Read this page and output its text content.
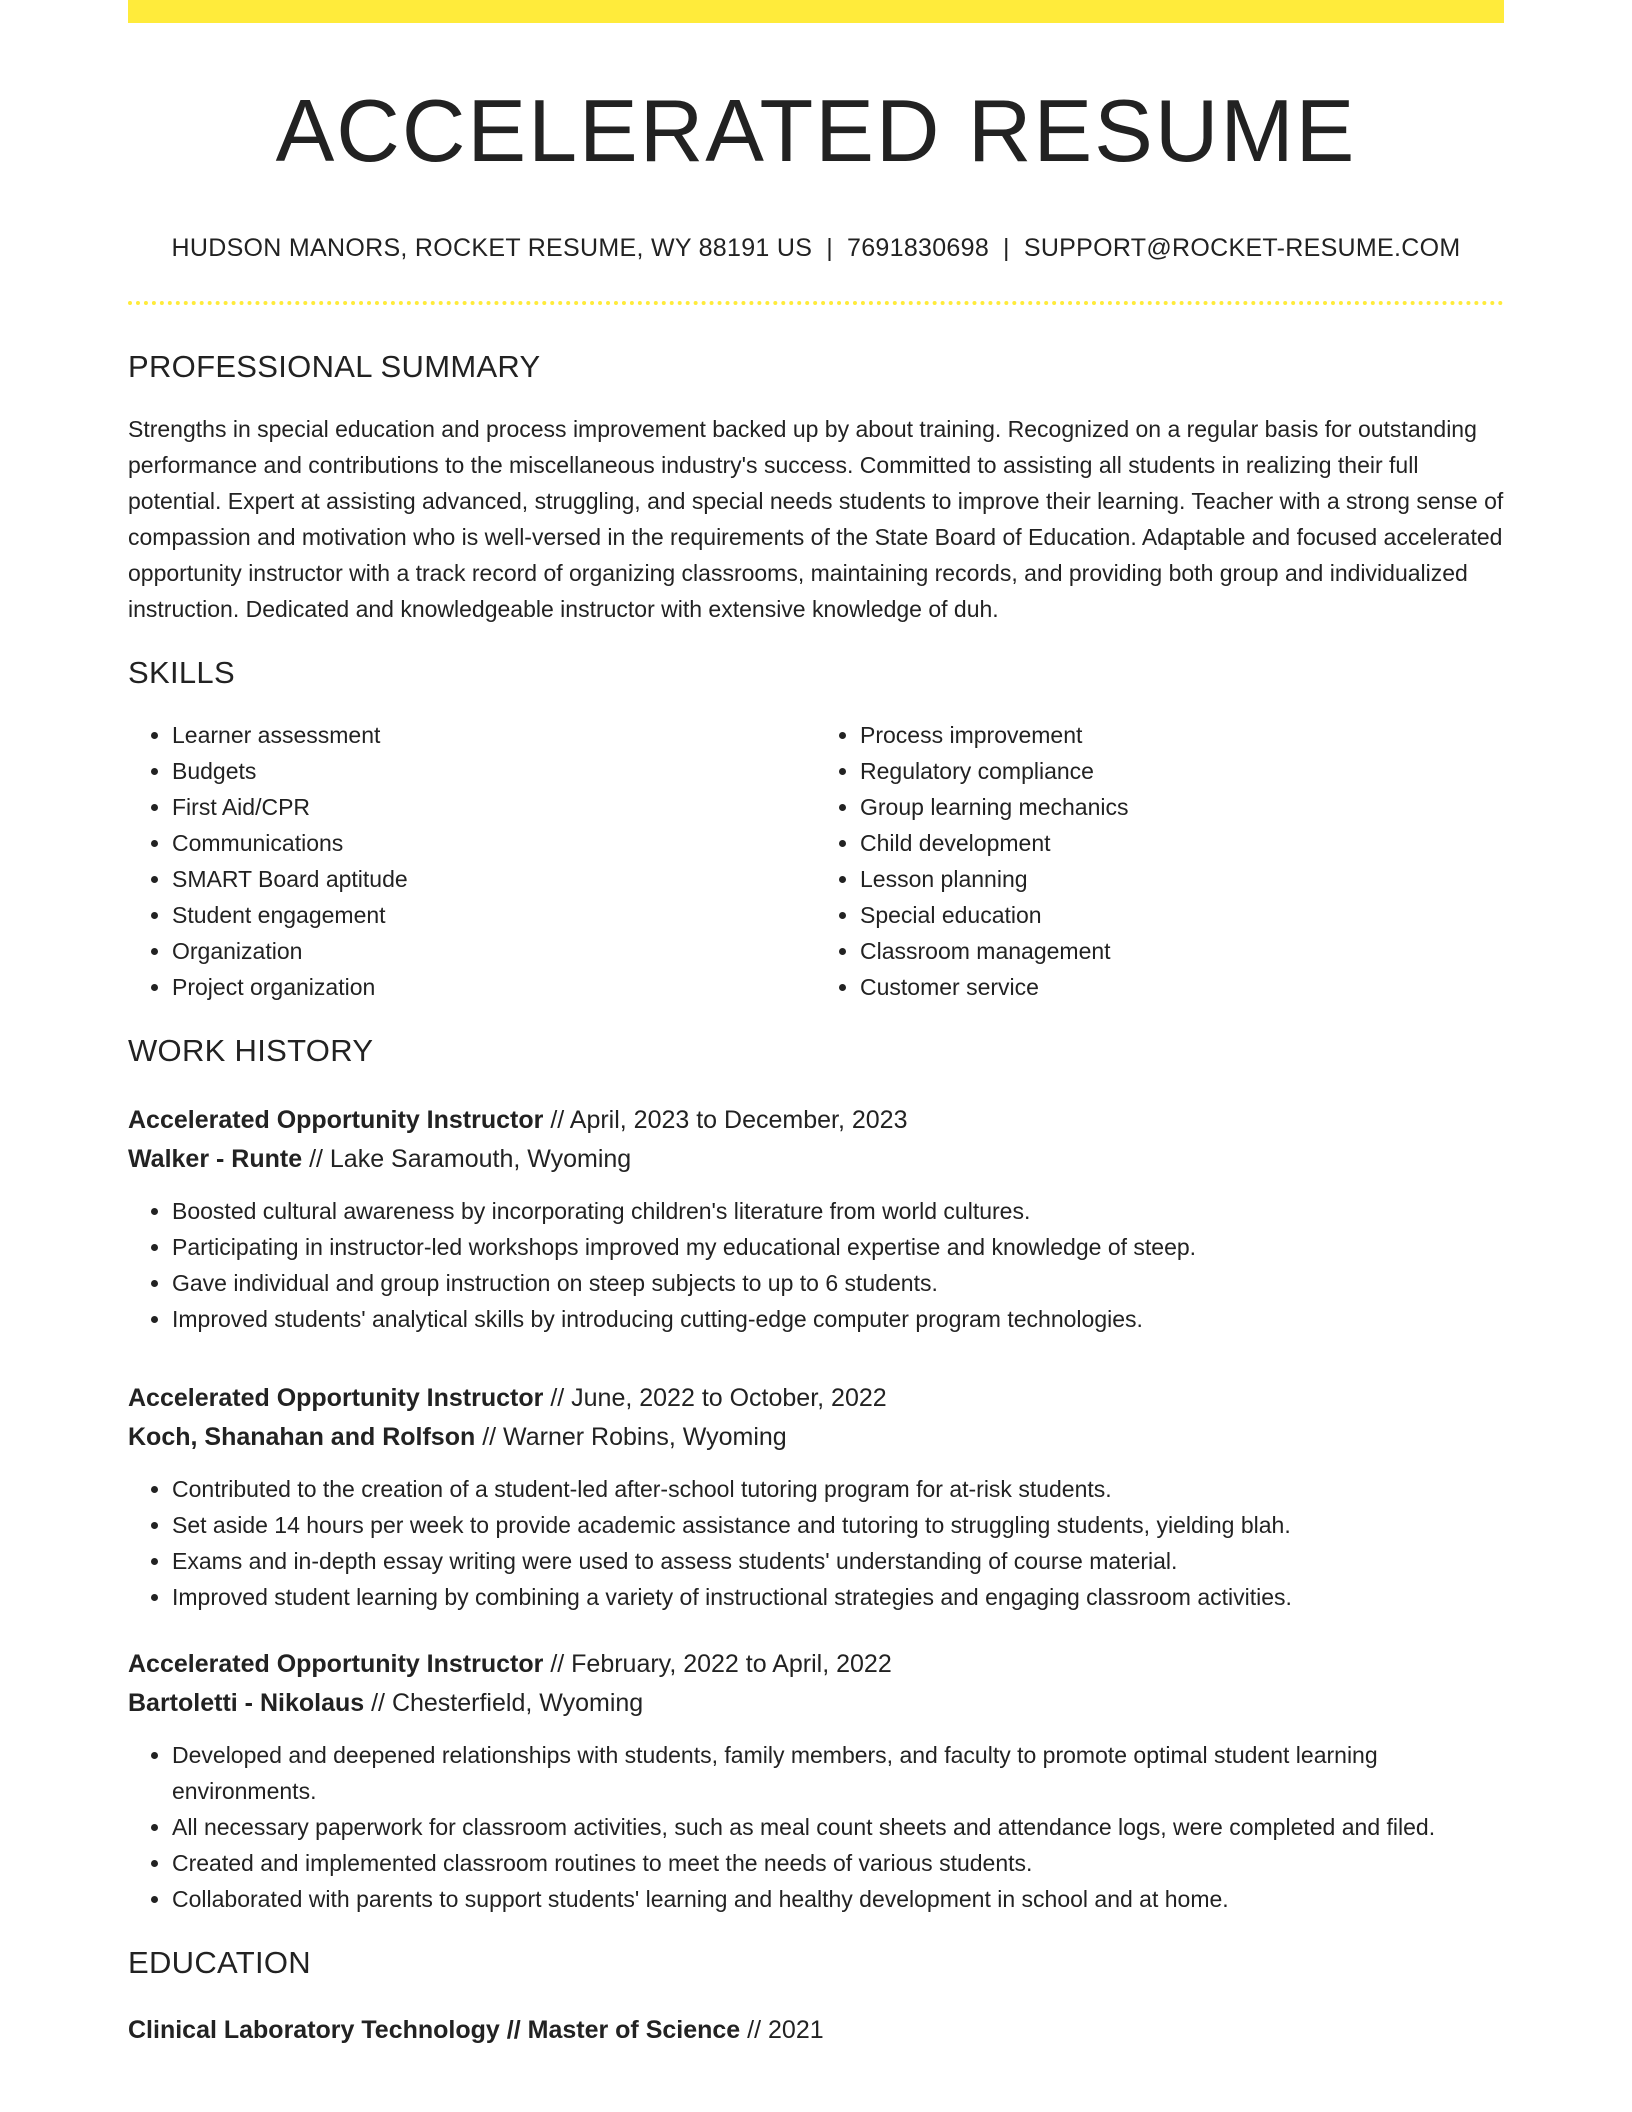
ACCELERATED RESUME
HUDSON MANORS, ROCKET RESUME, WY 88191 US | 7691830698 | SUPPORT@ROCKET-RESUME.COM
PROFESSIONAL SUMMARY

Strengths in special education and process improvement backed up by about training. Recognized on a regular basis for outstanding performance and contributions to the miscellaneous industry's success. Committed to assisting all students in realizing their full potential. Expert at assisting advanced, struggling, and special needs students to improve their learning. Teacher with a strong sense of compassion and motivation who is well-versed in the requirements of the State Board of Education. Adaptable and focused accelerated opportunity instructor with a track record of organizing classrooms, maintaining records, and providing both group and individualized instruction. Dedicated and knowledgeable instructor with extensive knowledge of duh.

SKILLS
• Learner assessment
• Budgets
• First Aid/CPR
• Communications
• SMART Board aptitude
• Student engagement
• Organization
• Project organization
• Process improvement
• Regulatory compliance
• Group learning mechanics
• Child development
• Lesson planning
• Special education
• Classroom management
• Customer service
WORK HISTORY
Accelerated Opportunity Instructor // April, 2023 to December, 2023
Walker - Runte // Lake Saramouth, Wyoming
• Boosted cultural awareness by incorporating children's literature from world cultures.
• Participating in instructor-led workshops improved my educational expertise and knowledge of steep.
• Gave individual and group instruction on steep subjects to up to 6 students.
• Improved students' analytical skills by introducing cutting-edge computer program technologies.
Accelerated Opportunity Instructor // June, 2022 to October, 2022
Koch, Shanahan and Rolfson // Warner Robins, Wyoming
• Contributed to the creation of a student-led after-school tutoring program for at-risk students.
• Set aside 14 hours per week to provide academic assistance and tutoring to struggling students, yielding blah.
• Exams and in-depth essay writing were used to assess students' understanding of course material.
• Improved student learning by combining a variety of instructional strategies and engaging classroom activities.
Accelerated Opportunity Instructor // February, 2022 to April, 2022
Bartoletti - Nikolaus // Chesterfield, Wyoming
• Developed and deepened relationships with students, family members, and faculty to promote optimal student learning environments.
• All necessary paperwork for classroom activities, such as meal count sheets and attendance logs, were completed and filed.
• Created and implemented classroom routines to meet the needs of various students.
• Collaborated with parents to support students' learning and healthy development in school and at home.
EDUCATION
Clinical Laboratory Technology // Master of Science // 2021
